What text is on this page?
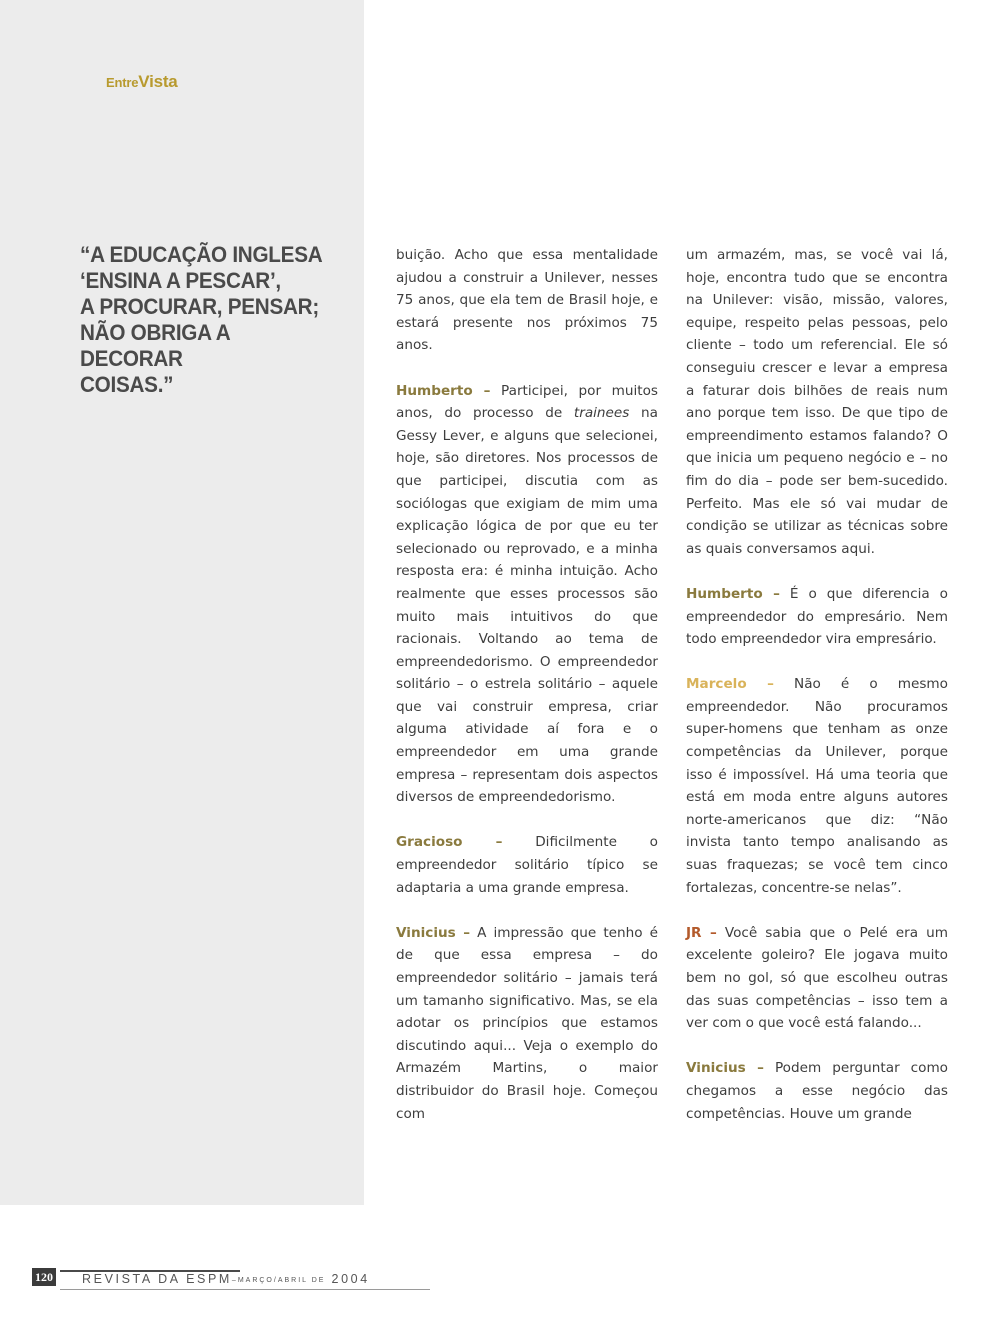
EntreVista
“A EDUCAÇÃO INGLESA
‘ENSINA A PESCAR’,
A PROCURAR, PENSAR;
NÃO OBRIGA A DECORAR
COISAS.”

buição. Acho que essa mentalidade ajudou a construir a Unilever, nesses 75 anos, que ela tem de Brasil hoje, e estará presente nos próximos 75 anos.

Humberto – Participei, por muitos anos, do processo de trainees na Gessy Lever, e alguns que selecionei, hoje, são diretores. Nos processos de que participei, discutia com as sociólogas que exigiam de mim uma explicação lógica de por que eu ter selecionado ou reprovado, e a minha resposta era: é minha intuição. Acho realmente que esses processos são muito mais intuitivos do que racionais. Voltando ao tema de empreendedorismo. O empreendedor solitário – o estrela solitário – aquele que vai construir empresa, criar alguma atividade aí fora e o empreendedor em uma grande empresa – representam dois aspectos diversos de empreendedorismo.

Gracioso – Dificilmente o empreendedor solitário típico se adaptaria a uma grande empresa.

Vinicius – A impressão que tenho é de que essa empresa – do empreendedor solitário – jamais terá um tamanho significativo. Mas, se ela adotar os princípios que estamos discutindo aqui... Veja o exemplo do Armazém Martins, o maior distribuidor do Brasil hoje. Começou com

um armazém, mas, se você vai lá, hoje, encontra tudo que se encontra na Unilever: visão, missão, valores, equipe, respeito pelas pessoas, pelo cliente – todo um referencial. Ele só conseguiu crescer e levar a empresa a faturar dois bilhões de reais num ano porque tem isso. De que tipo de empreendimento estamos falando? O que inicia um pequeno negócio e – no fim do dia – pode ser bem-sucedido. Perfeito. Mas ele só vai mudar de condição se utilizar as técnicas sobre as quais conversamos aqui.

Humberto – É o que diferencia o empreendedor do empresário. Nem todo empreendedor vira empresário.

Marcelo – Não é o mesmo empreendedor. Não procuramos super-homens que tenham as onze competências da Unilever, porque isso é impossível. Há uma teoria que está em moda entre alguns autores norte-americanos que diz: “Não invista tanto tempo analisando as suas fraquezas; se você tem cinco fortalezas, concentre-se nelas”.

JR – Você sabia que o Pelé era um excelente goleiro? Ele jogava muito bem no gol, só que escolheu outras das suas competências – isso tem a ver com o que você está falando...

Vinicius – Podem perguntar como chegamos a esse negócio das competências. Houve um grande

120 REVISTA DA ESPM–MARÇO/ABRIL DE 2004
